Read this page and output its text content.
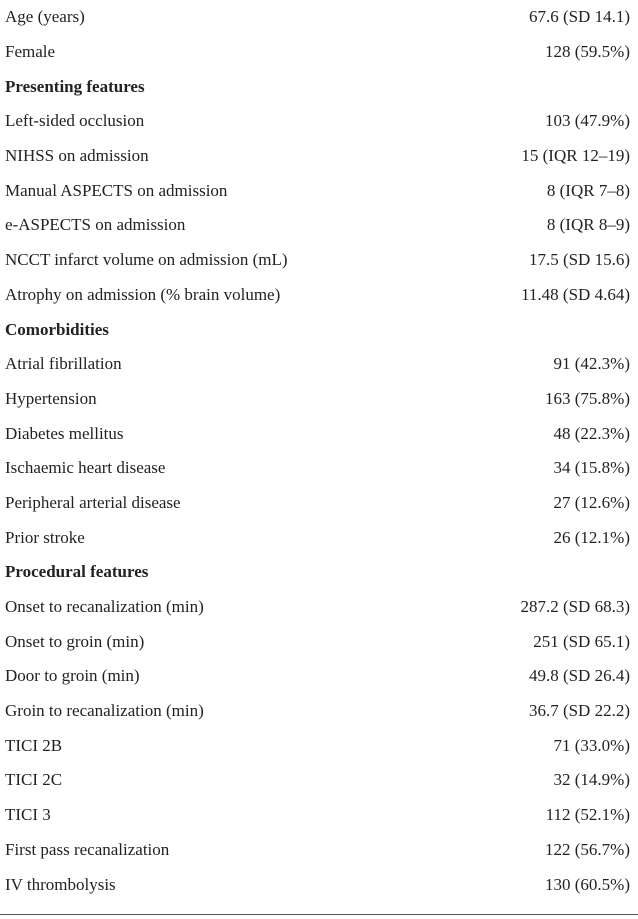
Age (years)	67.6 (SD 14.1)
Female	128 (59.5%)
Presenting features	
Left-sided occlusion	103 (47.9%)
NIHSS on admission	15 (IQR 12–19)
Manual ASPECTS on admission	8 (IQR 7–8)
e-ASPECTS on admission	8 (IQR 8–9)
NCCT infarct volume on admission (mL)	17.5 (SD 15.6)
Atrophy on admission (% brain volume)	11.48 (SD 4.64)
Comorbidities	
Atrial fibrillation	91 (42.3%)
Hypertension	163 (75.8%)
Diabetes mellitus	48 (22.3%)
Ischaemic heart disease	34 (15.8%)
Peripheral arterial disease	27 (12.6%)
Prior stroke	26 (12.1%)
Procedural features	
Onset to recanalization (min)	287.2 (SD 68.3)
Onset to groin (min)	251 (SD 65.1)
Door to groin (min)	49.8 (SD 26.4)
Groin to recanalization (min)	36.7 (SD 22.2)
TICI 2B	71 (33.0%)
TICI 2C	32 (14.9%)
TICI 3	112 (52.1%)
First pass recanalization	122 (56.7%)
IV thrombolysis	130 (60.5%)
